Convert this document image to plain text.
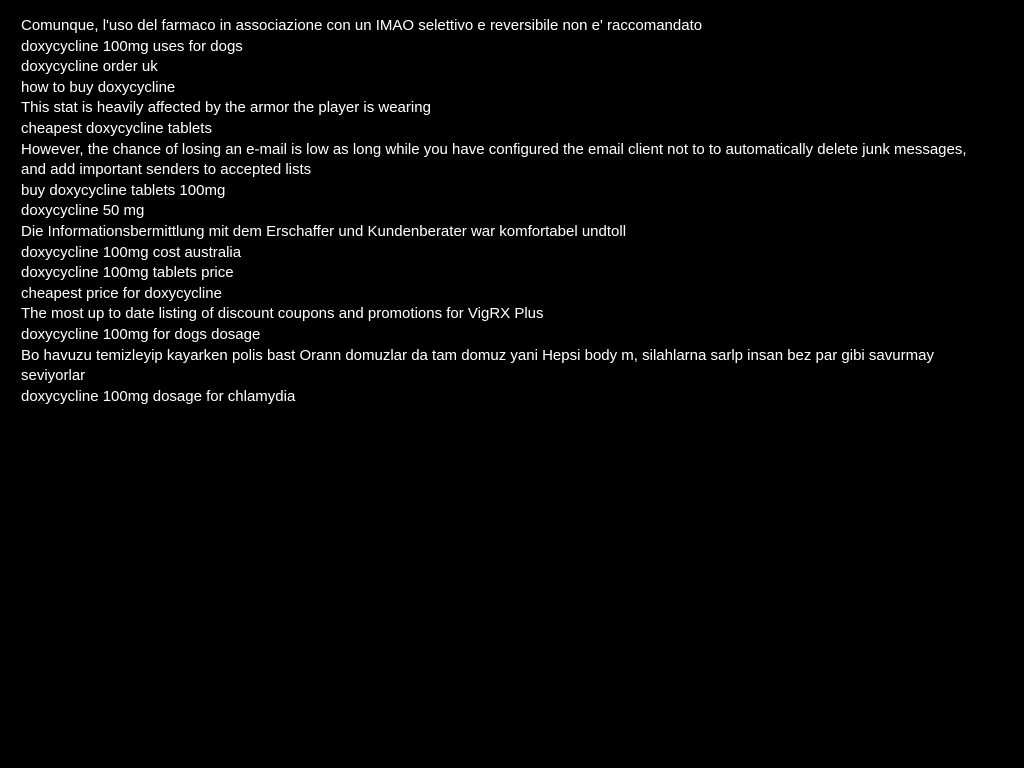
Comunque, l'uso del farmaco in associazione con un IMAO selettivo e reversibile non e' raccomandato
doxycycline 100mg uses for dogs
doxycycline order uk
how to buy doxycycline
This stat is heavily affected by the armor the player is wearing
cheapest doxycycline tablets
However, the chance of losing an e-mail is low as long while you have configured the email client not to to automatically delete junk messages, and add important senders to accepted lists
buy doxycycline tablets 100mg
doxycycline 50 mg
Die Informationsbermittlung mit dem Erschaffer und Kundenberater war komfortabel undtoll
doxycycline 100mg cost australia
doxycycline 100mg tablets price
cheapest price for doxycycline
The most up to date listing of discount coupons and promotions for VigRX Plus
doxycycline 100mg for dogs dosage
Bo havuzu temizleyip kayarken polis bast Orann domuzlar da tam domuz yani Hepsi body m, silahlarna sarlp insan bez par gibi savurmay seviyorlar
doxycycline 100mg dosage for chlamydia
